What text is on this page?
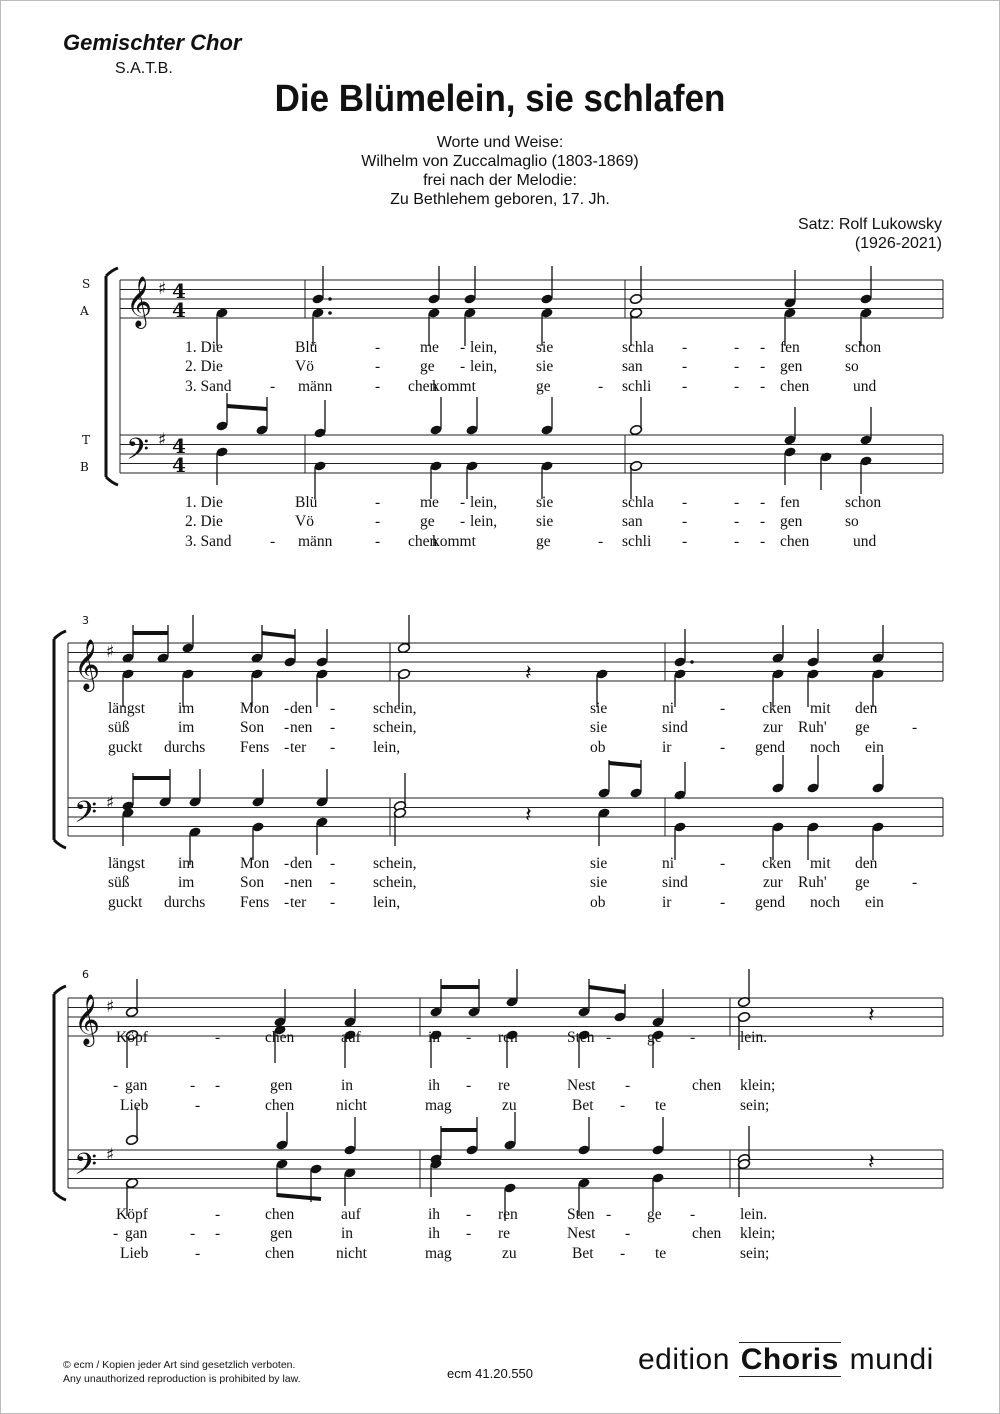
Gemischter Chor
S.A.T.B.
Die Blümelein, sie schlafen
Worte und Weise:
Wilhelm von Zuccalmaglio (1803-1869)
frei nach der Melodie:
Zu Bethlehem geboren, 17. Jh.
Satz: Rolf Lukowsky
(1926-2021)
𝄞
𝄢
♯
♯
4
4
4
4
S
A
T
B
𝄞
𝄢
♯
♯
3
𝄽
𝄽
𝄞
𝄢
♯
♯
6
𝄽
𝄽
1. Die	Blü	-	me - lein,	sie	schla -	- - fen	schon
2. Die	Vö	-	ge - lein,	sie	san	-	- - gen	so
3. Sand - männ	- chen
kommt	ge	- schli -	- - chen	und
1. Die	Blü	-	me - lein,	sie	schla -	- - fen	schon
2. Die	Vö	-	ge - lein,	sie	san	-	- - gen	so
3. Sand - männ	- chen
kommt	ge	- schli -	- - chen	und
längst im	Mon - den - schein,	sie	ni	- cken mit den
süß	im	Son - nen - schein,	sie	sind	zur Ruh' ge	-
guckt durchs Fens - ter - lein,	ob	ir	- gend noch ein
längst im	Mon - den - schein,	sie	ni	- cken mit den
süß	im	Son - nen - schein,	sie	sind	zur Ruh' ge	-
guckt durchs Fens - ter - lein,	ob	ir	- gend noch ein
Köpf	-	chen	auf	ih - ren	Sten - ge -	lein.
- gan	- -	gen	in	ih - re	Nest -	chen klein;
Lieb	-	chen	nicht	mag	zu	Bet - te	sein;
Köpf	-	chen	auf	ih - ren	Sten - ge -	lein.
- gan	- -	gen	in	ih - re	Nest -	chen klein;
Lieb	-	chen	nicht	mag	zu	Bet - te	sein;
© ecm / Kopien jeder Art sind gesetzlich verboten.
Any unauthorized reproduction is prohibited by law.	ecm 41.20.550	edition Choris mundi
